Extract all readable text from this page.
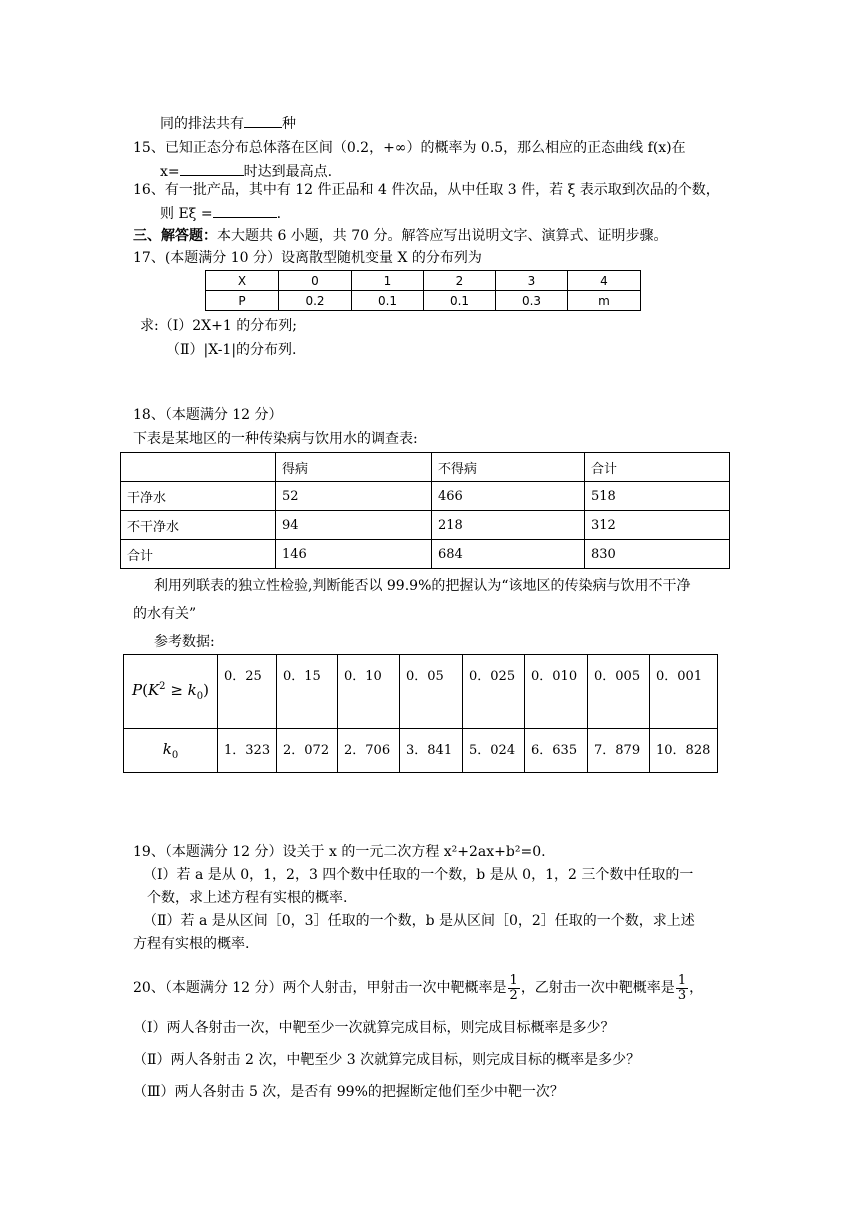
同的排法共有	种
15、已知正态分布总体落在区间（0.2，+∞）的概率为 0.5，那么相应的正态曲线 f(x)在
x=	时达到最高点.
16、有一批产品，其中有 12 件正品和 4 件次品，从中任取 3 件，若 ξ 表示取到次品的个数，
则 Eξ =	.
三、解答题：本大题共 6 小题，共 70 分。解答应写出说明文字、演算式、证明步骤。
17、(本题满分 10 分）设离散型随机变量 X 的分布列为
X	0	1	2	3	4
P	0.2	0.1	0.1	0.3	m
求:（Ⅰ）2X+1 的分布列;
（Ⅱ）|X-1|的分布列.
18、（本题满分 12 分）
下表是某地区的一种传染病与饮用水的调查表:
	得病	不得病	合计
干净水	52	466	518
不干净水	94	218	312
合计	146	684	830
利用列联表的独立性检验,判断能否以 99.9%的把握认为“该地区的传染病与饮用不干净
的水有关”
参考数据:
$P(K^2 \ge k_0)$	0．25	0．15	0．10	0．05	0．025	0．010	0．005	0．001
$k_0$	1．323	2．072	2．706	3．841	5．024	6．635	7．879	10．828
19、（本题满分 12 分）设关于 x 的一元二次方程 x²+2ax+b²=0.
（Ⅰ）若 a 是从 0，1，2，3 四个数中任取的一个数，b 是从 0，1，2 三个数中任取的一
个数，求上述方程有实根的概率.
（Ⅱ）若 a 是从区间［0，3］任取的一个数，b 是从区间［0，2］任取的一个数，求上述
方程有实根的概率.
20、（本题满分 12 分）两个人射击，甲射击一次中靶概率是 $\frac{1}{2}$ ，乙射击一次中靶概率是 $\frac{1}{3}$ ，
（Ⅰ）两人各射击一次，中靶至少一次就算完成目标，则完成目标概率是多少？
（Ⅱ）两人各射击 2 次，中靶至少 3 次就算完成目标，则完成目标的概率是多少？
（Ⅲ）两人各射击 5 次，是否有 99%的把握断定他们至少中靶一次？
